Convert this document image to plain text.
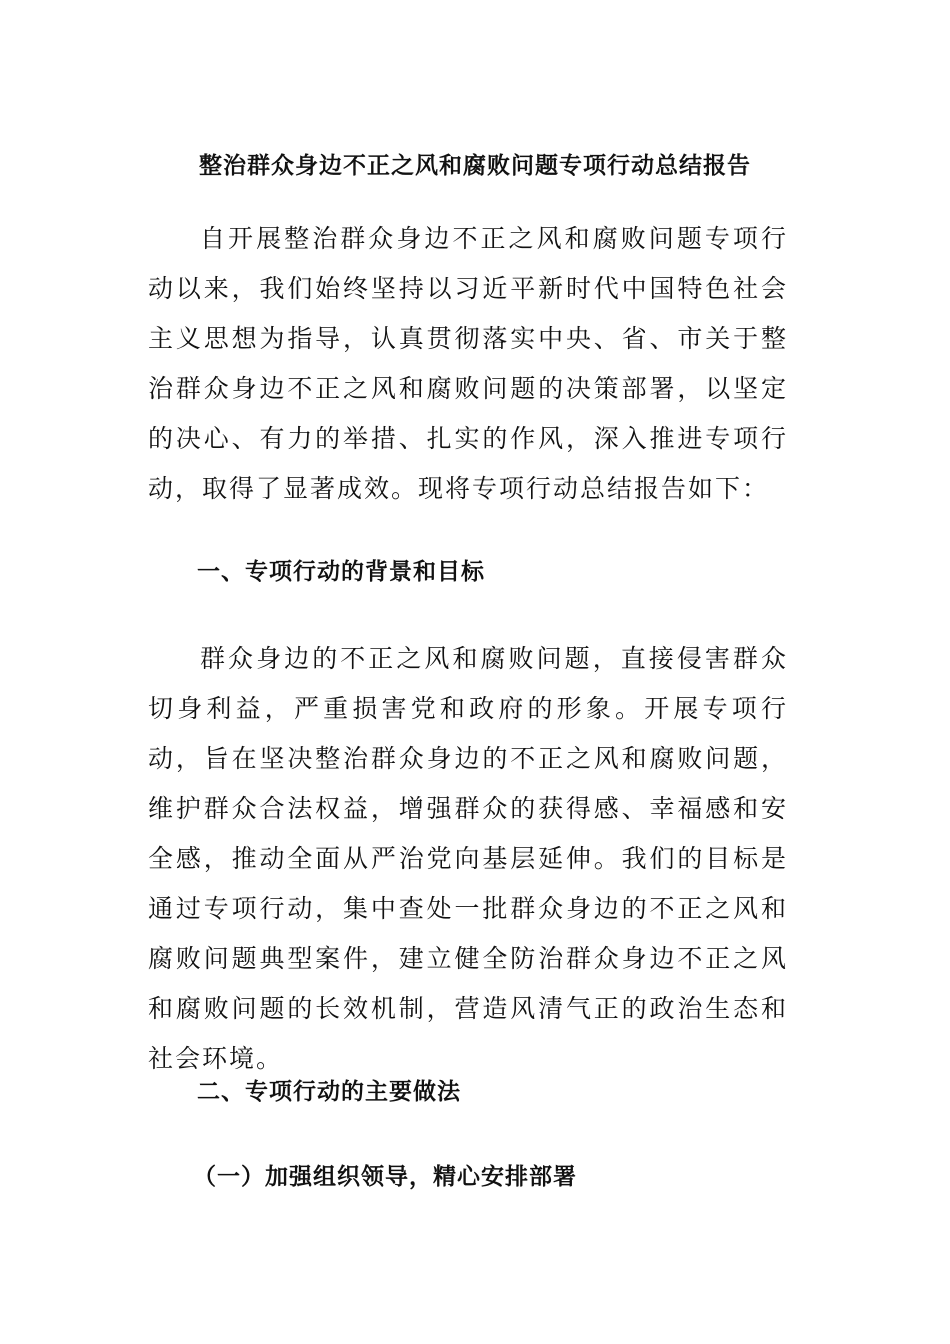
整治群众身边不正之风和腐败问题专项行动总结报告

自开展整治群众身边不正之风和腐败问题专项行动以来，我们始终坚持以习近平新时代中国特色社会主义思想为指导，认真贯彻落实中央、省、市关于整治群众身边不正之风和腐败问题的决策部署，以坚定的决心、有力的举措、扎实的作风，深入推进专项行动，取得了显著成效。现将专项行动总结报告如下：

一、专项行动的背景和目标

群众身边的不正之风和腐败问题，直接侵害群众切身利益，严重损害党和政府的形象。开展专项行动，旨在坚决整治群众身边的不正之风和腐败问题，维护群众合法权益，增强群众的获得感、幸福感和安全感，推动全面从严治党向基层延伸。我们的目标是通过专项行动，集中查处一批群众身边的不正之风和腐败问题典型案件，建立健全防治群众身边不正之风和腐败问题的长效机制，营造风清气正的政治生态和社会环境。

二、专项行动的主要做法
（一）加强组织领导，精心安排部署
